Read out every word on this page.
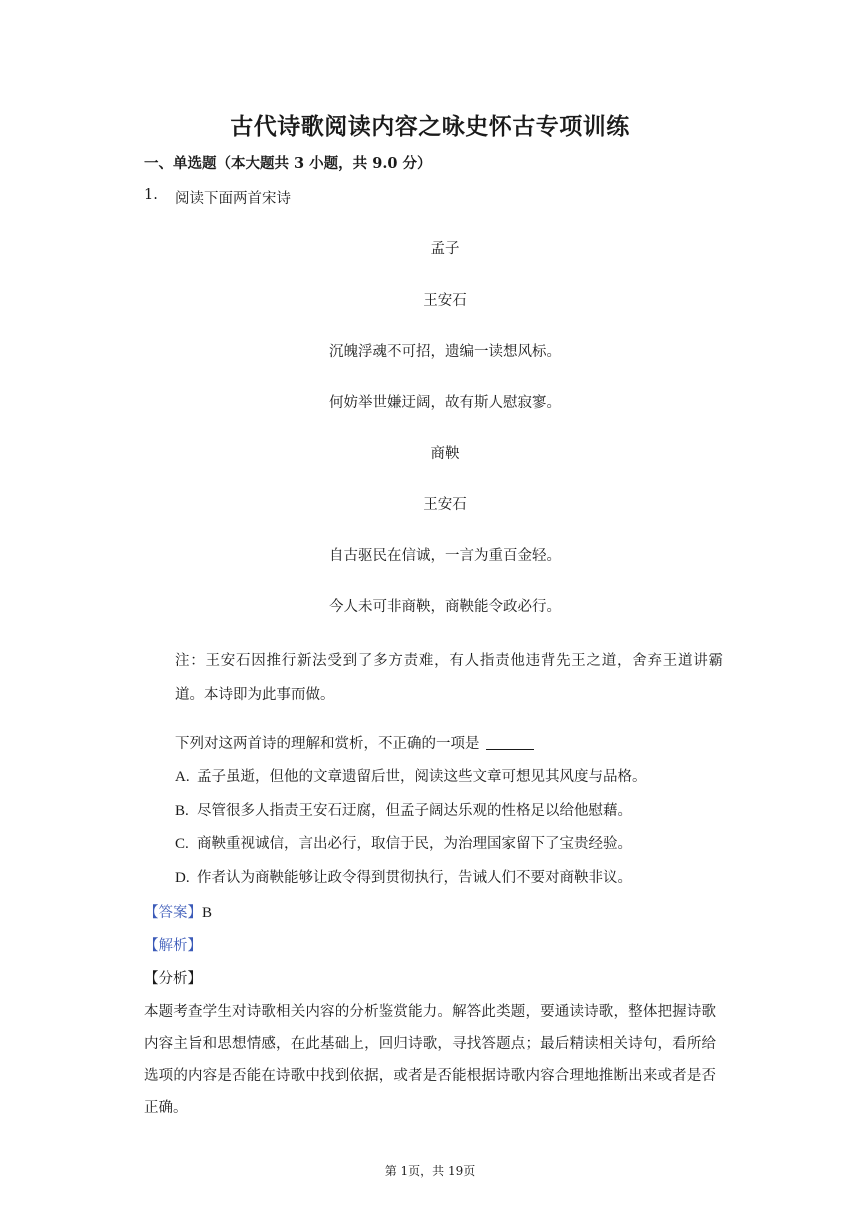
古代诗歌阅读内容之咏史怀古专项训练
一、单选题（本大题共 3 小题，共 9.0 分）
1. 阅读下面两首宋诗
孟子
王安石
沉魄浮魂不可招，遗编一读想风标。
何妨举世嫌迂阔，故有斯人慰寂寥。
商鞅
王安石
自古驱民在信诚，一言为重百金轻。
今人未可非商鞅，商鞅能令政必行。
注：王安石因推行新法受到了多方责难，有人指责他违背先王之道，舍弃王道讲霸道。本诗即为此事而做。
下列对这两首诗的理解和赏析，不正确的一项是
A. 孟子虽逝，但他的文章遗留后世，阅读这些文章可想见其风度与品格。
B. 尽管很多人指责王安石迂腐，但孟子阔达乐观的性格足以给他慰藉。
C. 商鞅重视诚信，言出必行，取信于民，为治理国家留下了宝贵经验。
D. 作者认为商鞅能够让政令得到贯彻执行，告诫人们不要对商鞅非议。
【答案】B
【解析】
【分析】
本题考查学生对诗歌相关内容的分析鉴赏能力。解答此类题，要通读诗歌，整体把握诗歌内容主旨和思想情感，在此基础上，回归诗歌，寻找答题点；最后精读相关诗句，看所给选项的内容是否能在诗歌中找到依据，或者是否能根据诗歌内容合理地推断出来或者是否正确。
第 1页，共 19页
